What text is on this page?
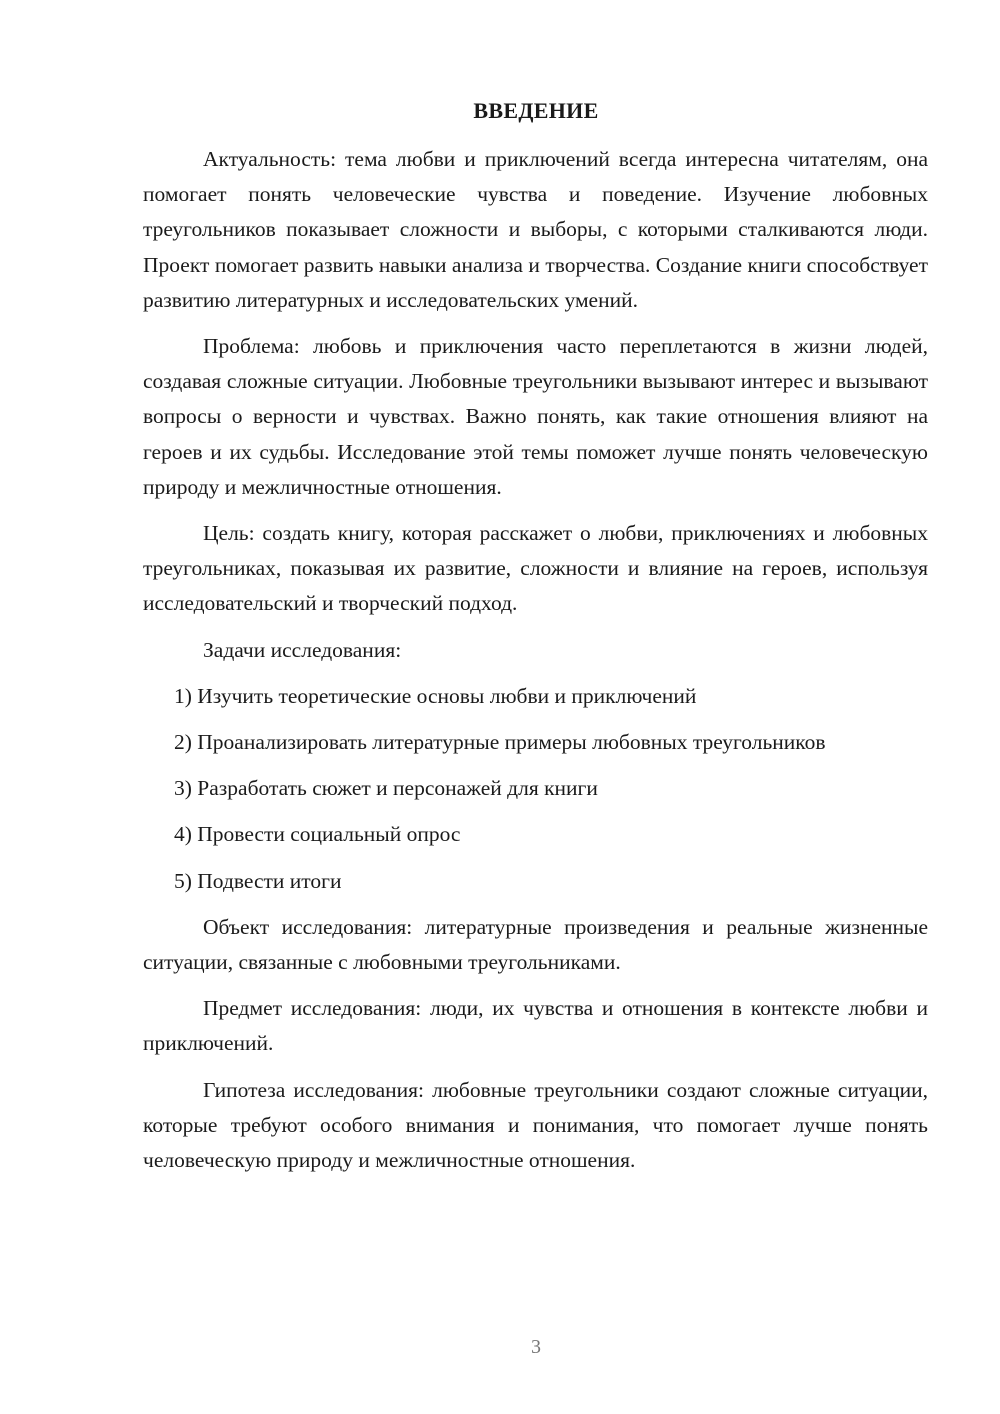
ВВЕДЕНИЕ

Актуальность: тема любви и приключений всегда интересна читателям, она помогает понять человеческие чувства и поведение. Изучение любовных треугольников показывает сложности и выборы, с которыми сталкиваются люди. Проект помогает развить навыки анализа и творчества. Создание книги способствует развитию литературных и исследовательских умений.

Проблема: любовь и приключения часто переплетаются в жизни людей, создавая сложные ситуации. Любовные треугольники вызывают интерес и вызывают вопросы о верности и чувствах. Важно понять, как такие отношения влияют на героев и их судьбы. Исследование этой темы поможет лучше понять человеческую природу и межличностные отношения.

Цель: создать книгу, которая расскажет о любви, приключениях и любовных треугольниках, показывая их развитие, сложности и влияние на героев, используя исследовательский и творческий подход.

Задачи исследования:

1) Изучить теоретические основы любви и приключений

2) Проанализировать литературные примеры любовных треугольников

3) Разработать сюжет и персонажей для книги

4) Провести социальный опрос

5) Подвести итоги

Объект исследования: литературные произведения и реальные жизненные ситуации, связанные с любовными треугольниками.

Предмет исследования: люди, их чувства и отношения в контексте любви и приключений.

Гипотеза исследования: любовные треугольники создают сложные ситуации, которые требуют особого внимания и понимания, что помогает лучше понять человеческую природу и межличностные отношения.

3
